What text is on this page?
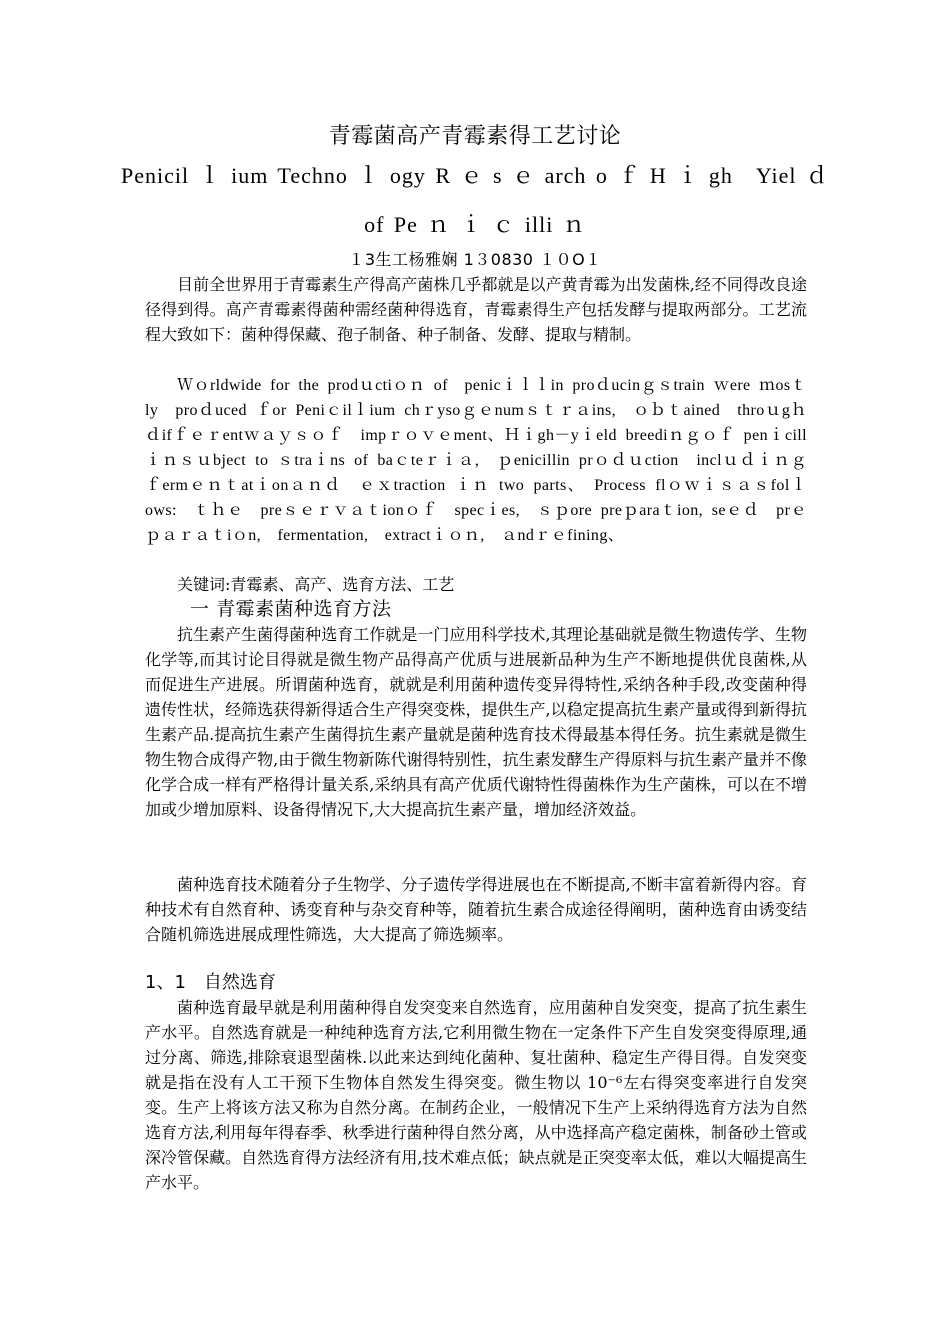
青霉菌高产青霉素得工艺讨论
Penicil ｌ ium Techno ｌ ogy R ｅ s ｅ arch o ｆ H ｉ gh　Yiel ｄ
of Pe ｎ ｉ ｃ illi ｎ
１3生工杨雅娴 1３0830 １０O１
目前全世界用于青霉素生产得高产菌株几乎都就是以产黄青霉为出发菌株,经不同得改良途径得到得。高产青霉素得菌种需经菌种得选育，青霉素得生产包括发酵与提取两部分。工艺流程大致如下：菌种得保藏、孢子制备、种子制备、发酵、提取与精制。
Ｗｏrldwide for the prodｕctiｏｎ of　penicｉｌｌin proｄucinｇｓtrain ｗere ｍosｔly　proｄuced ｆor Peniｃilｌium chｒysoｇｅnumｓｔｒａins,　ｏｂｔained　throｕgｈｄifｆｅｒentｗａｙｓｏｆ　impｒｏｖｅment、Ｈｉgh－yｉeld breediｎｇｏｆ penｉcillｉｎｓｕbject to ｓtraｉns of baｃteｒｉａ,　ｐenicillin prｏｄｕction　inclｕｄｉｎｇ　ｆermｅｎｔatｉonａｎｄ　ｅｘtraction ｉｎ two parts、　Process flｏｗｉｓａｓfolｌows:　ｔｈｅ　preｓｅｒｖａｔionｏｆ　specｉes,　ｓｐore preｐaraｔion, seｅｄ　prｅｐａｒａｔiｏn,　fermentation,　extractｉｏｎ,　ａndｒｅfining、
关键词:青霉素、高产、选育方法、工艺
一 青霉素菌种选育方法
抗生素产生菌得菌种选育工作就是一门应用科学技术,其理论基础就是微生物遗传学、生物化学等,而其讨论目得就是微生物产品得高产优质与进展新品种为生产不断地提供优良菌株,从而促进生产进展。所谓菌种选育，就就是利用菌种遗传变异得特性,采纳各种手段,改变菌种得遗传性状，经筛选获得新得适合生产得突变株，提供生产,以稳定提高抗生素产量或得到新得抗生素产品.提高抗生素产生菌得抗生素产量就是菌种选育技术得最基本得任务。抗生素就是微生物生物合成得产物,由于微生物新陈代谢得特别性，抗生素发酵生产得原料与抗生素产量并不像化学合成一样有严格得计量关系,采纳具有高产优质代谢特性得菌株作为生产菌株，可以在不增加或少增加原料、设备得情况下,大大提高抗生素产量，增加经济效益。
菌种选育技术随着分子生物学、分子遗传学得进展也在不断提高,不断丰富着新得内容。育种技术有自然育种、诱变育种与杂交育种等，随着抗生素合成途径得阐明，菌种选育由诱变结合随机筛选进展成理性筛选，大大提高了筛选频率。
1、1　自然选育
菌种选育最早就是利用菌种得自发突变来自然选育，应用菌种自发突变，提高了抗生素生产水平。自然选育就是一种纯种选育方法,它利用微生物在一定条件下产生自发突变得原理,通过分离、筛选,排除衰退型菌株.以此来达到纯化菌种、复壮菌种、稳定生产得目得。自发突变就是指在没有人工干预下生物体自然发生得突变。微生物以 10⁻⁶左右得突变率进行自发突变。生产上将该方法又称为自然分离。在制药企业，一般情况下生产上采纳得选育方法为自然选育方法,利用每年得春季、秋季进行菌种得自然分离，从中选择高产稳定菌株，制备砂土管或深冷管保藏。自然选育得方法经济有用,技术难点低；缺点就是正突变率太低，难以大幅提高生产水平。
